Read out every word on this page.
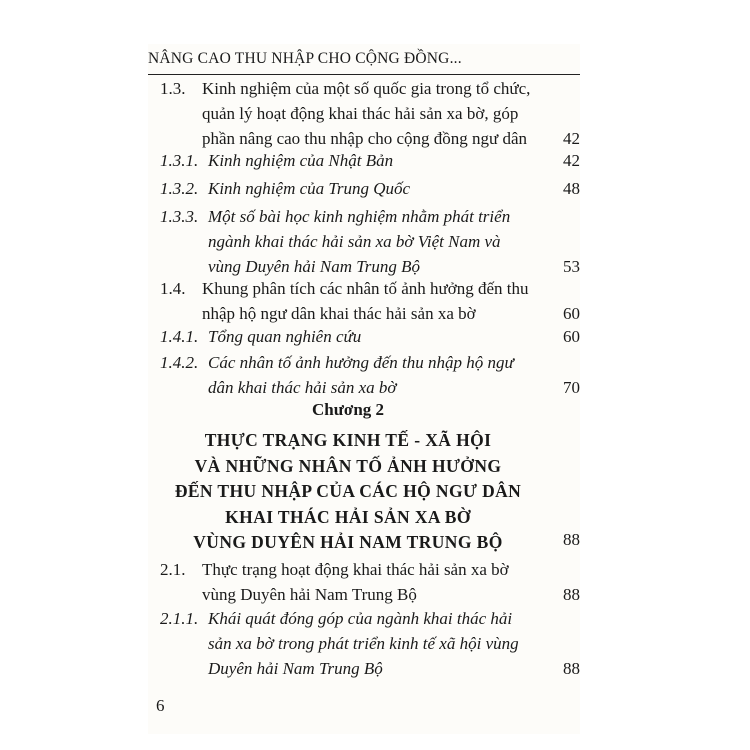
NÂNG CAO THU NHẬP CHO CỘNG ĐỒNG...
1.3. Kinh nghiệm của một số quốc gia trong tổ chức,
quản lý hoạt động khai thác hải sản xa bờ, góp
phần nâng cao thu nhập cho cộng đồng ngư dân 42
1.3.1. Kinh nghiệm của Nhật Bản	42
1.3.2. Kinh nghiệm của Trung Quốc	48
1.3.3. Một số bài học kinh nghiệm nhằm phát triển
ngành khai thác hải sản xa bờ Việt Nam và
vùng Duyên hải Nam Trung Bộ	53
1.4. Khung phân tích các nhân tố ảnh hưởng đến thu
nhập hộ ngư dân khai thác hải sản xa bờ	60
1.4.1. Tổng quan nghiên cứu	60
1.4.2. Các nhân tố ảnh hưởng đến thu nhập hộ ngư
dân khai thác hải sản xa bờ	70
Chương 2
THỰC TRẠNG KINH TẾ - XÃ HỘI
VÀ NHỮNG NHÂN TỐ ẢNH HƯỞNG
ĐẾN THU NHẬP CỦA CÁC HỘ NGƯ DÂN
KHAI THÁC HẢI SẢN XA BỜ
VÙNG DUYÊN HẢI NAM TRUNG BỘ	88
2.1. Thực trạng hoạt động khai thác hải sản xa bờ
vùng Duyên hải Nam Trung Bộ	88
2.1.1. Khái quát đóng góp của ngành khai thác hải
sản xa bờ trong phát triển kinh tế xã hội vùng
Duyên hải Nam Trung Bộ	88
6
